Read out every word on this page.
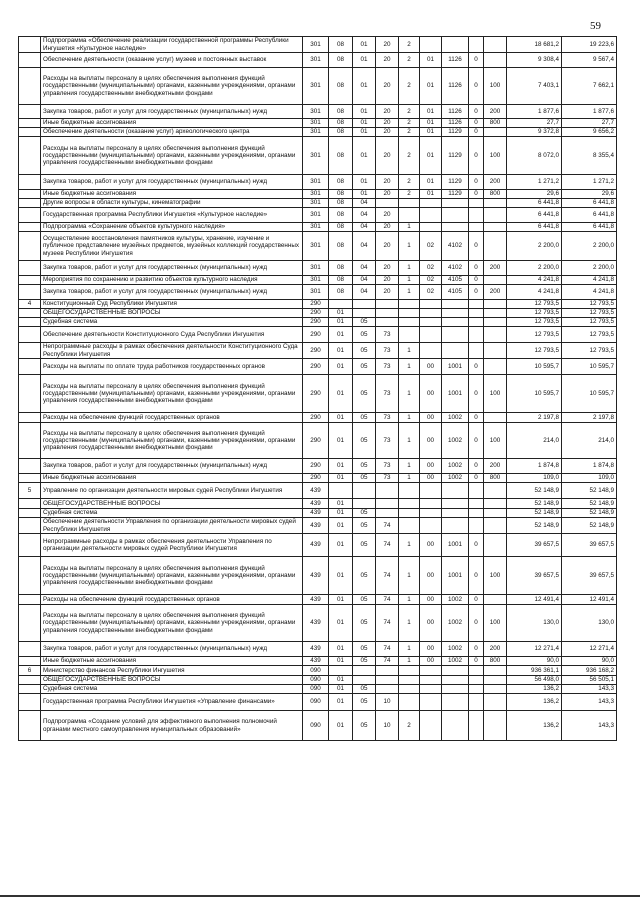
59
	Подпрограмма «Обеспечение реализации государственной программы Республики Ингушетия «Культурное наследие»	301	08	01	20	2					18 681,2	19 223,6
	Обеспечение деятельности (оказание услуг) музеев и постоянных выставок	301	08	01	20	2	01	1126	0		9 308,4	9 567,4
	Расходы на выплаты персоналу в целях обеспечения выполнения функций государственными (муниципальными) органами, казенными учреждениями, органами управления государственными внебюджетными фондами	301	08	01	20	2	01	1126	0	100	7 403,1	7 662,1
	Закупка товаров, работ и услуг для государственных (муниципальных) нужд	301	08	01	20	2	01	1126	0	200	1 877,6	1 877,6
	Иные бюджетные ассигнования	301	08	01	20	2	01	1126	0	800	27,7	27,7
	Обеспечение деятельности (оказание услуг) археологического центра	301	08	01	20	2	01	1129	0		9 372,8	9 656,2
	Расходы на выплаты персоналу в целях обеспечения выполнения функций государственными (муниципальными) органами, казенными учреждениями, органами управления государственными внебюджетными фондами	301	08	01	20	2	01	1129	0	100	8 072,0	8 355,4
	Закупка товаров, работ и услуг для государственных (муниципальных) нужд	301	08	01	20	2	01	1129	0	200	1 271,2	1 271,2
	Иные бюджетные ассигнования	301	08	01	20	2	01	1129	0	800	29,6	29,6
	Другие вопросы в области культуры, кинематографии	301	08	04							6 441,8	6 441,8
	Государственная программа Республики Ингушетия «Культурное наследие»	301	08	04	20						6 441,8	6 441,8
	Подпрограмма «Сохранение объектов культурного наследия»	301	08	04	20	1					6 441,8	6 441,8
	Осуществление восстановления памятников культуры, хранение, изучение и публичное представление музейных предметов, музейных коллекций государственных музеев Республики Ингушетия	301	08	04	20	1	02	4102	0		2 200,0	2 200,0
	Закупка товаров, работ и услуг для государственных (муниципальных) нужд	301	08	04	20	1	02	4102	0	200	2 200,0	2 200,0
	Мероприятия по сохранению и развитию объектов культурного наследия	301	08	04	20	1	02	4105	0		4 241,8	4 241,8
	Закупка товаров, работ и услуг для государственных (муниципальных) нужд	301	08	04	20	1	02	4105	0	200	4 241,8	4 241,8
4	Конституционный Суд Республики Ингушетия	290									12 793,5	12 793,5
	ОБЩЕГОСУДАРСТВЕННЫЕ ВОПРОСЫ	290	01								12 793,5	12 793,5
	Судебная система	290	01	05							12 793,5	12 793,5
	Обеспечение деятельности Конституционного Суда Республики Ингушетия	290	01	05	73						12 793,5	12 793,5
	Непрограммные расходы в рамках обеспечения деятельности Конституционного Суда Республики Ингушетия	290	01	05	73	1					12 793,5	12 793,5
	Расходы на выплаты по оплате труда работников государственных органов	290	01	05	73	1	00	1001	0		10 595,7	10 595,7
	Расходы на выплаты персоналу в целях обеспечения выполнения функций государственными (муниципальными) органами, казенными учреждениями, органами управления государственными внебюджетными фондами	290	01	05	73	1	00	1001	0	100	10 595,7	10 595,7
	Расходы на обеспечение функций государственных органов	290	01	05	73	1	00	1002	0		2 197,8	2 197,8
	Расходы на выплаты персоналу в целях обеспечения выполнения функций государственными (муниципальными) органами, казенными учреждениями, органами управления государственными внебюджетными фондами	290	01	05	73	1	00	1002	0	100	214,0	214,0
	Закупка товаров, работ и услуг для государственных (муниципальных) нужд	290	01	05	73	1	00	1002	0	200	1 874,8	1 874,8
	Иные бюджетные ассигнования	290	01	05	73	1	00	1002	0	800	109,0	109,0
5	Управление по организации деятельности мировых судей Республики Ингушетия	439									52 148,9	52 148,9
	ОБЩЕГОСУДАРСТВЕННЫЕ ВОПРОСЫ	439	01								52 148,9	52 148,9
	Судебная система	439	01	05							52 148,9	52 148,9
	Обеспечение деятельности Управления по организации деятельности мировых судей Республики Ингушетия	439	01	05	74						52 148,9	52 148,9
	Непрограммные расходы в рамках обеспечения деятельности Управления по организации деятельности мировых судей Республики Ингушетия	439	01	05	74	1	00	1001	0		39 657,5	39 657,5
	Расходы на выплаты персоналу в целях обеспечения выполнения функций государственными (муниципальными) органами, казенными учреждениями, органами управления государственными внебюджетными фондами	439	01	05	74	1	00	1001	0	100	39 657,5	39 657,5
	Расходы на обеспечение функций государственных органов	439	01	05	74	1	00	1002	0		12 491,4	12 491,4
	Расходы на выплаты персоналу в целях обеспечения выполнения функций государственными (муниципальными) органами, казенными учреждениями, органами управления государственными внебюджетными фондами	439	01	05	74	1	00	1002	0	100	130,0	130,0
	Закупка товаров, работ и услуг для государственных (муниципальных) нужд	439	01	05	74	1	00	1002	0	200	12 271,4	12 271,4
	Иные бюджетные ассигнования	439	01	05	74	1	00	1002	0	800	90,0	90,0
6	Министерство финансов Республики Ингушетия	090									936 361,1	936 168,2
	ОБЩЕГОСУДАРСТВЕННЫЕ ВОПРОСЫ	090	01								56 498,0	56 505,1
	Судебная система	090	01	05							136,2	143,3
	Государственная программа Республики Ингушетия «Управление финансами»	090	01	05	10						136,2	143,3
	Подпрограмма «Создание условий для эффективного выполнения полномочий органами местного самоуправления муниципальных образований»	090	01	05	10	2					136,2	143,3
